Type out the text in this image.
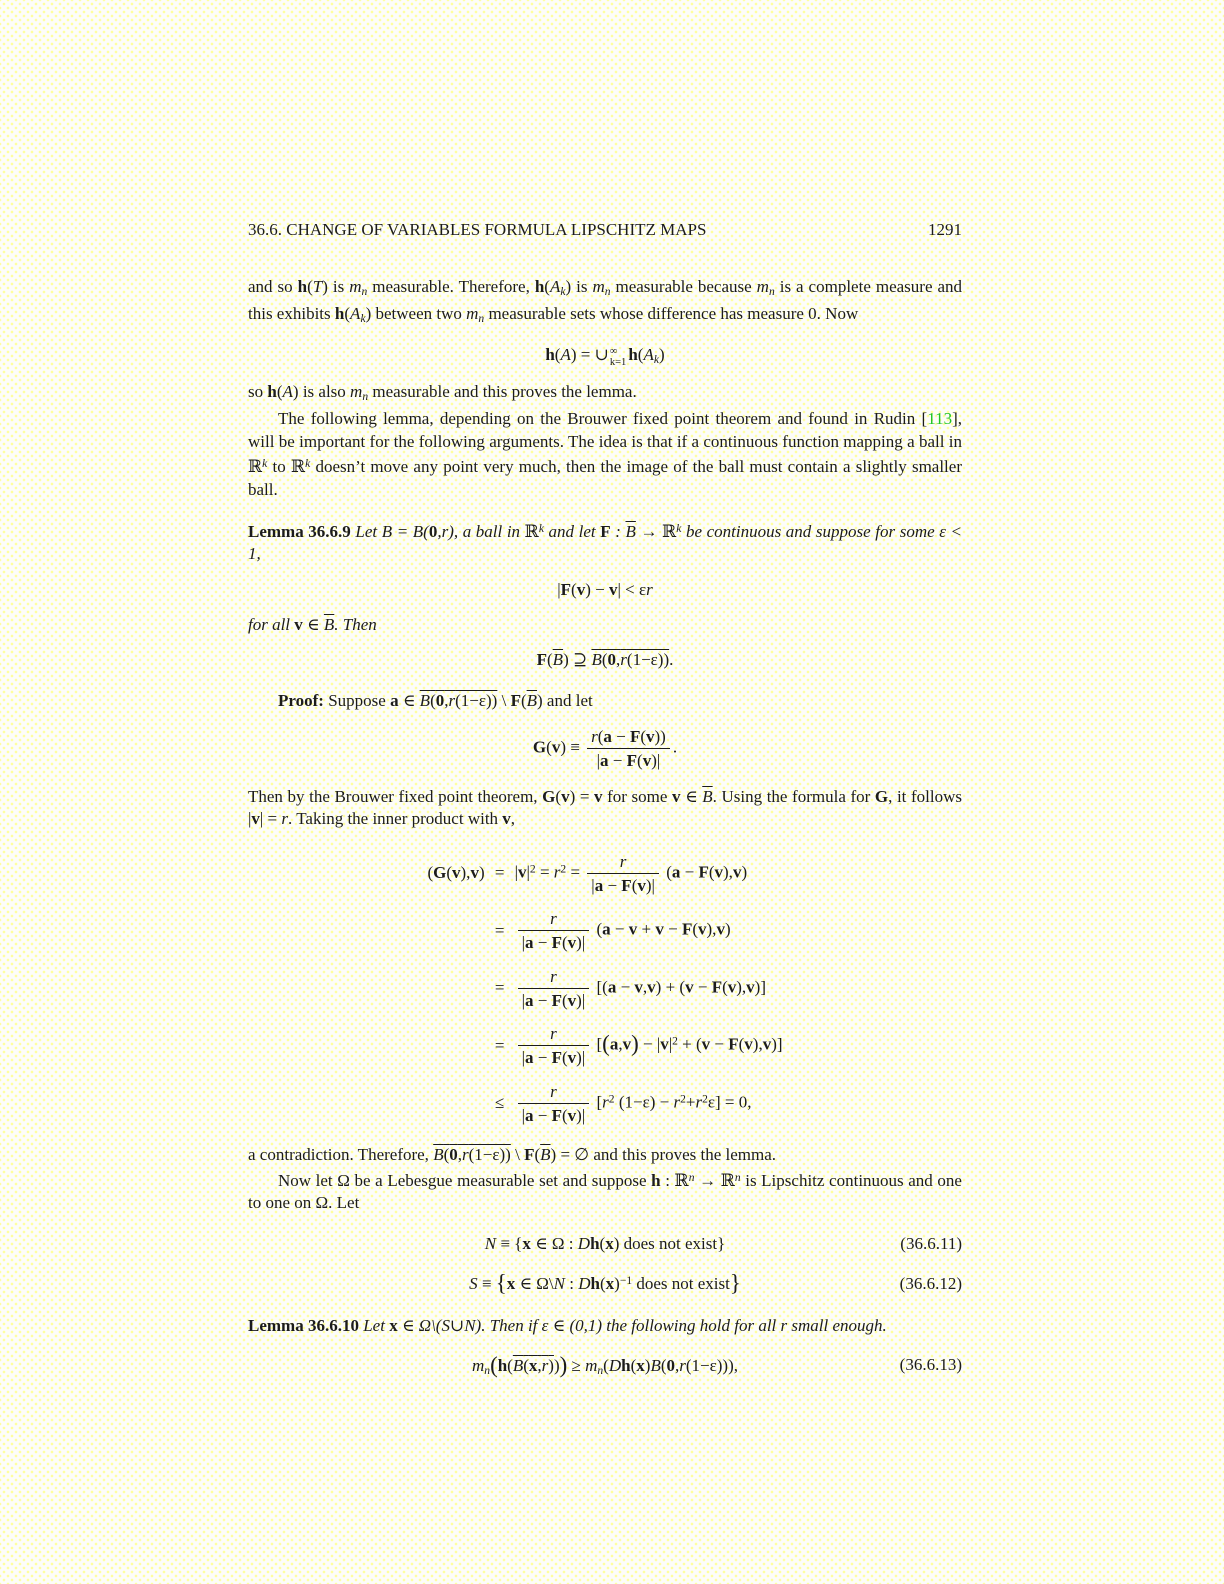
36.6. CHANGE OF VARIABLES FORMULA LIPSCHITZ MAPS	1291
and so h(T) is $m_n$ measurable. Therefore, $h(A_k)$ is $m_n$ measurable because $m_n$ is a complete measure and this exhibits $h(A_k)$ between two $m_n$ measurable sets whose difference has measure 0. Now
h(A) = ∪ ∞
k=1 $h(A_k)$
so h(A) is also $m_n$ measurable and this proves the lemma.
The following lemma, depending on the Brouwer fixed point theorem and found in Rudin [113], will be important for the following arguments. The idea is that if a continuous function mapping a ball in ℝ$^k$ to ℝ$^k$ doesn’t move any point very much, then the image of the ball must contain a slightly smaller ball.
Lemma 36.6.9 Let B = B(0,r), a ball in ℝ$^k$ and let F : $\overline{B}$ → ℝ$^k$ be continuous and suppose for some ε < 1,
|F(v) − v| < εr
for all v ∈ $\overline{B}$. Then
$F(\overline{B})$ ⊇ B(0,r(1−ε)).
Proof: Suppose a ∈ B(0,r(1−ε)) \ $F(\overline{B})$ and let
$G(v) \equiv \frac{r(a - F(v))}{|a - F(v)|}$ .
Then by the Brouwer fixed point theorem, G(v) = v for some v ∈ $\overline{B}$. Using the formula for G, it follows |v| = r. Taking the inner product with v,
$(G(v),v) = |v|^2 = r^2 = \frac{r}{|a - F(v)|} (a - F(v),v)$
= $\frac{r}{|a - F(v)|} (a - v + v - F(v),v)$
= $\frac{r}{|a - F(v)|} [(a - v,v) + (v - F(v),v)]$
= $\frac{r}{|a - F(v)|} [(a,v) - |v|^2 + (v - F(v),v)]$
≤ $\frac{r}{|a - F(v)|} [r^2$ $(1-\varepsilon) - r^2+r^2\varepsilon] = 0$,
a contradiction. Therefore, B(0,r(1−ε)) \ $F(\overline{B})$ = ∅ and this proves the lemma.
Now let Ω be a Lebesgue measurable set and suppose h : ℝ$^n$ → ℝ$^n$ is Lipschitz continuous and one to one on Ω. Let
N ≡ {x ∈ Ω : Dh(x) does not exist}	(36.6.11)
S ≡ {x ∈ Ω\N : $Dh(x)^{-1}$ does not exist}	(36.6.12)
Lemma 36.6.10 Let x ∈ Ω\(S∪N). Then if ε ∈ (0,1) the following hold for all r small enough.
$m_n(h(B(x,r))) \ge m_n(Dh(x)B(0,r(1-\varepsilon)))$,	(36.6.13)
